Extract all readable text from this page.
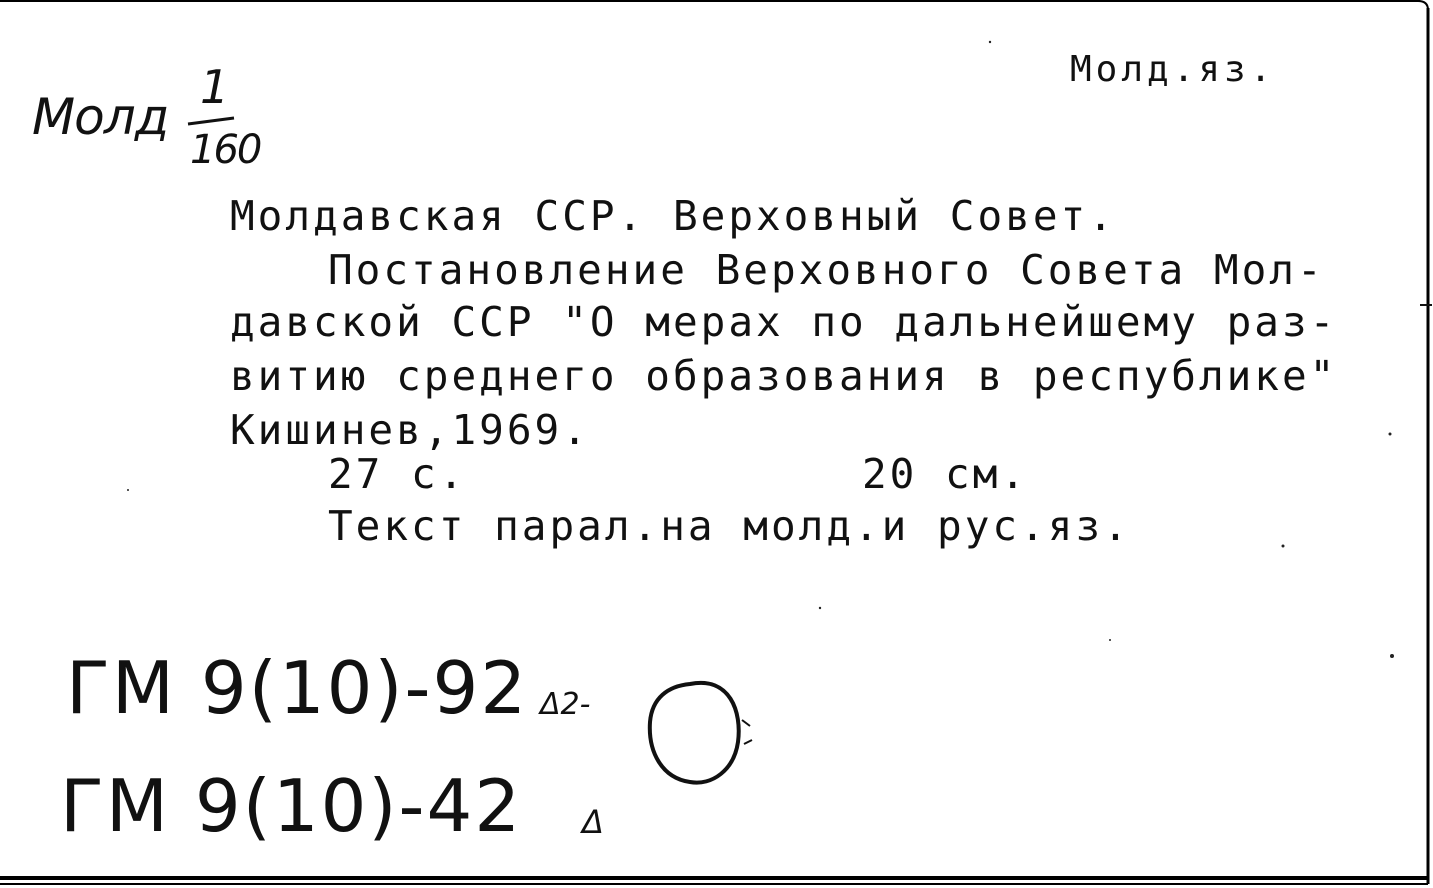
Молд.яз.
Молд
1
160
Молдавская ССР. Верховный Совет.
Постановление Верховного Совета Мол-
давской ССР "О мерах по дальнейшему раз-
витию среднего образования в республике"
Кишинев,1969.
27 с.	20 см.
Текст парал.на молд.и рус.яз.
ГМ 9(10)-92 Δ2-
ГМ 9(10)-42 Δ
